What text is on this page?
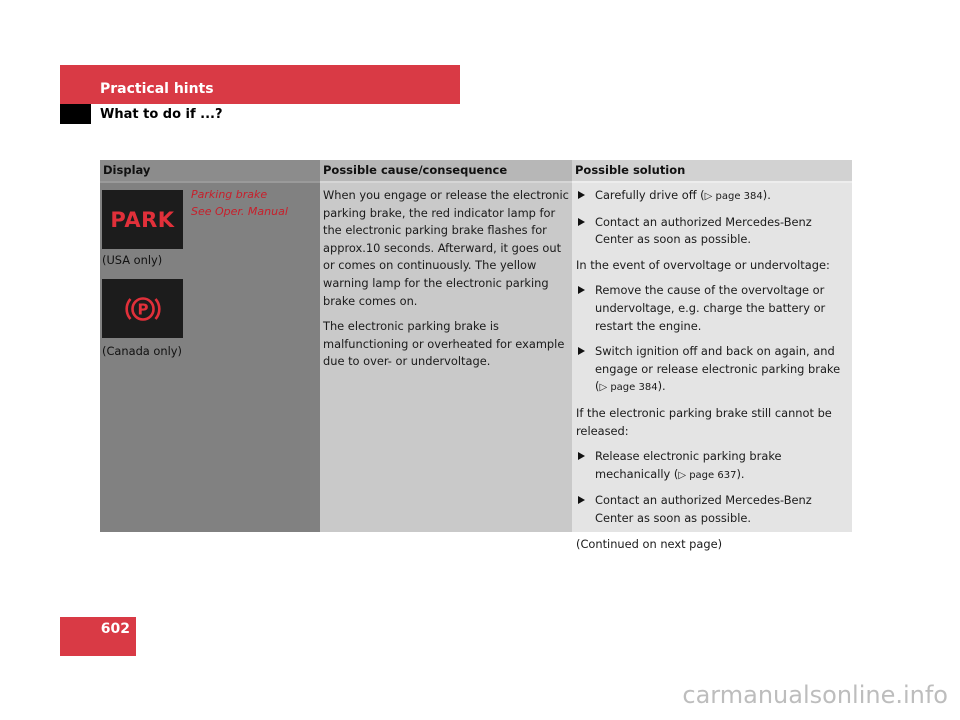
Practical hints
What to do if ...?
Display	Possible cause/consequence	Possible solution
PARK
Parking brake
See Oper. Manual
(USA only)
P
(Canada only)

When you engage or release the electronic parking brake, the red indicator lamp for the electronic parking brake flashes for approx.10 seconds. Afterward, it goes out or comes on continuously. The yellow warning lamp for the electronic parking brake comes on.

The electronic parking brake is malfunctioning or overheated for example due to over- or undervoltage.

Carefully drive off (▷ page 384).
Contact an authorized Mercedes-Benz Center as soon as possible.

In the event of overvoltage or undervoltage:

Remove the cause of the overvoltage or undervoltage, e.g. charge the battery or restart the engine.
Switch ignition off and back on again, and engage or release electronic parking brake (▷ page 384).

If the electronic parking brake still cannot be released:

Release electronic parking brake mechanically (▷ page 637).
Contact an authorized Mercedes-Benz Center as soon as possible.

(Continued on next page)

602
carmanualsonline.info
